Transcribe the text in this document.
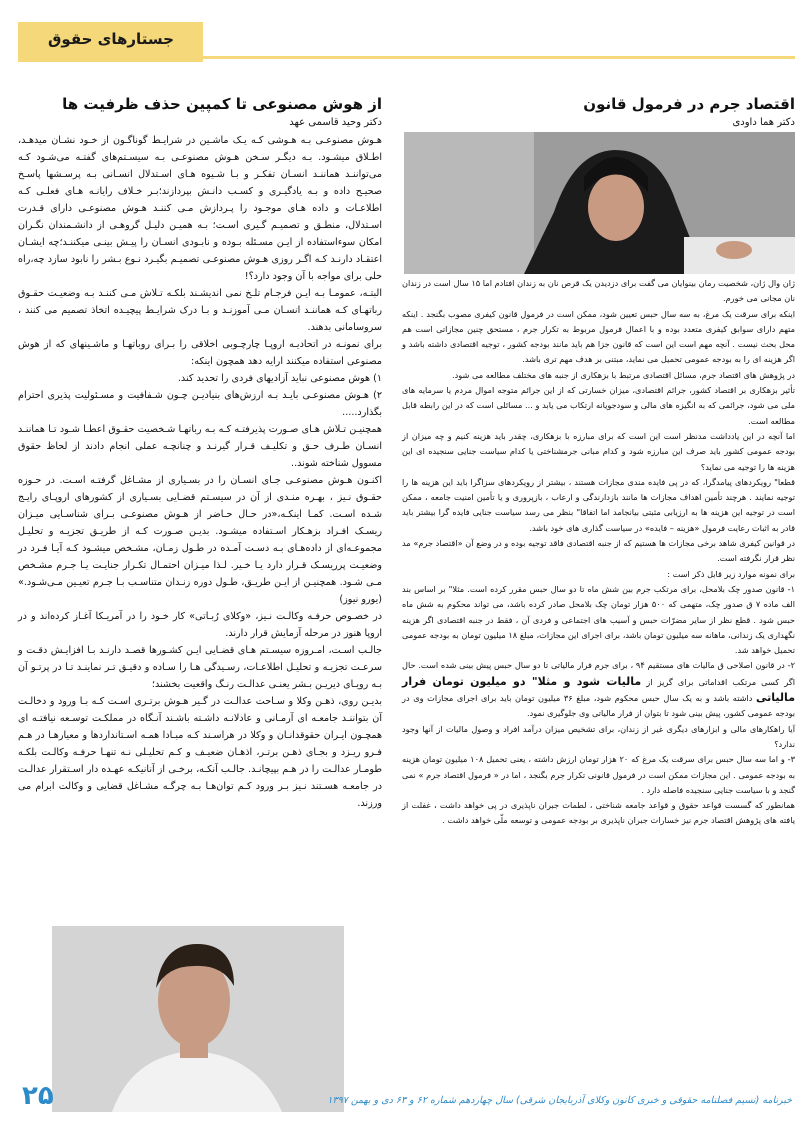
جستارهای حقوق
اقتصاد جرم در فرمول قانون
دکتر هما داودی

ژان وال ژان، شخصیت رمان بینوایان می گفت برای دزدیدن یک قرص نان به زندان افتادم اما ۱۵ سال است در زندان نان مجانی می خورم.

اینکه برای سرقت یک مرغ، به سه سال حبس تعیین شود، ممکن است در فرمول قانون کیفری مصوب بگنجد . اینکه متهم دارای سوابق کیفری متعدد بوده و با اعمال فرمول مربوط به تکرار جرم ، مستحق چنین مجازاتی است هم محل بحث نیست . آنچه مهم است این است که قانون جزا هم باید مانند بودجه کشور ، توجیه اقتصادی داشته باشد و اگر هزینه ای را به بودجه عمومی تحمیل می نماید، مبتنی بر هدف مهم تری باشد.

در پژوهش های اقتصاد جرم، مسائل اقتصادی مرتبط با بزهکاری از جنبه های مختلف مطالعه می شود.

تأثیر بزهکاری بر اقتصاد کشور، جرائم اقتصادی، میزان خسارتی که از این جرائم متوجه اموال مردم یا سرمایه های ملی می شود، جرائمی که به انگیزه های مالی و سودجویانه ارتکاب می یابد و ... مسائلی است که در این رابطه قابل مطالعه است.

اما آنچه در این یادداشت مدنظر است این است که برای مبارزه با بزهکاری، چقدر باید هزینه کنیم و چه میزان از بودجه عمومی کشور باید صرف این مبارزه شود و کدام مبانی جرمشناختی یا کدام سیاست جنایی سنجیده ای این هزینه ها را توجیه می نماید؟

قطعا" رویکردهای پیامدگرا، که در پی فایده مندی مجازات هستند ، بیشتر از رویکردهای سزاگرا باید این هزینه ها را توجیه نمایند . هرچند تأمین اهداف مجازات ها مانند بازدارندگی و ارعاب ، بازپروری و یا تأمین امنیت جامعه ، ممکن است در توجیه این هزینه ها به ارزیابی مثبتی بیانجامد اما اتفاقا" بنظر می رسد سیاست جنایی فایده گرا بیشتر باید قادر به اثبات رعایت فرمول «هزینه – فایده» در سیاست گذاری های خود باشد.

در قوانین کیفری شاهد برخی مجازات ها هستیم که از جنبه اقتصادی فاقد توجیه بوده و در وضع آن «اقتصاد جرم» مد نظر قرار نگرفته است.

برای نمونه موارد زیر قابل ذکر است :

۱- قانون صدور چک بلامحل، برای مرتکب جرم بین شش ماه تا دو سال حبس مقرر کرده است. مثلا" بر اساس بند الف ماده ۷ ق صدور چک، متهمی که ۵۰۰ هزار تومان چک بلامحل صادر کرده باشد، می تواند محکوم به شش ماه حبس شود . قطع نظر از سایر مضرّات حبس و آسیب های اجتماعی و فردی آن ، فقط در جنبه اقتصادی اگر هزینه نگهداری یک زندانی، ماهانه سه میلیون تومان باشد، برای اجرای این مجازات، مبلغ ۱۸ میلیون تومان به بودجه عمومی تحمیل خواهد شد.

۲- در قانون اصلاحی ق مالیات های مستقیم ۹۴ ، برای جرم فرار مالیاتی تا دو سال حبس پیش بینی شده است. حال اگر کسی مرتکب اقداماتی برای گریز از مالیات شود و مثلا" دو میلیون تومان فرار مالیاتی داشته باشد و به یک سال حبس محکوم شود، مبلغ ۳۶ میلیون تومان باید برای اجرای مجازات وی در بودجه عمومی کشور، پیش بینی شود تا بتوان از فرار مالیاتی وی جلوگیری نمود.

آیا راهکارهای مالی و ابزارهای دیگری غیر از زندان، برای تشخیص میزان درآمد افراد و وصول مالیات از آنها وجود ندارد؟

۳- و اما سه سال حبس برای سرقت یک مرغ که ۲۰ هزار تومان ارزش داشته ، یعنی تحمیل ۱۰۸ میلیون تومان هزینه به بودجه عمومی . این مجازات ممکن است در فرمول قانونی تکرار جرم بگنجد ، اما در « فرمول اقتصاد جرم » نمی گنجد و با سیاست جنایی سنجیده فاصله دارد .

همانطور که گسست قواعد حقوق و قواعد جامعه شناختی ، لطمات جبران ناپذیری در پی خواهد داشت ، غفلت از یافته های پژوهش اقتصاد جرم نیز خسارات جبران ناپذیری بر بودجه عمومی و توسعه ملّی خواهد داشت .

از هوش مصنوعی تا کمپین حذف ظرفیت ها
دکتر وحید قاسمی عهد

هـوش مصنوعـی بـه هـوشی کـه یـک ماشـین در شرایـط گوناگـون از خـود نشـان میدهـد، اطـلاق میشـود. بـه دیگـر سـخن هـوش مصنوعـی بـه سیسـتم‌های گفتـه می‌شـود کـه می‌تواننـد هماننـد انسـان تفکـر و بـا شـیوه هـای اسـتدلال انسـانی بـه پرسـشها پاسـخ صحیـح داده و بـه یادگیـری و کسـب دانـش بپردازند؛بـر خـلاف رایانـه هـای فعلـی کـه اطلاعـات و داده هـای موجـود را پـردازش مـی کننـد هـوش مصنوعـی دارای قـدرت اسـتدلال، منطـق و تصمیـم گـیری اسـت؛ بـه همیـن دلیـل گروهـی از دانشـمندان نگـران امکان سوءاستفاده از ایـن مسـئله بـوده و نابـودی انسـان را پیـش بینـی میکننـد؛چه ایشـان اعتقـاد دارنـد کـه اگـر روزی هـوش مصنوعـی تصمیـم بگیـرد نـوع بـشر را نابود سازد چه،راه حلی برای مواجه با آن وجود دارد؟!

البتـه، عمومـا بـه ایـن فرجـام تلـخ نمی اندیشـند بلکـه تـلاش مـی کننـد بـه وضعیـت حقـوق رباتهـای کـه هماننـد انسـان مـی آموزنـد و بـا درک شرایـط پیچیـده اتخاذ تصمیم می کنند ، سروسامانی بدهند.

برای نمونـه در اتحادیـه اروپـا چارچـوبی اخلاقی را بـرای روباتهـا و ماشـینهای که از هوش مصنوعی استفاده میکنند ارایه دهد همچون اینکه:

۱) هوش مصنوعی نباید آزادیهای فردی را تحدید کند.

۲) هـوش مصنوعـی بایـد بـه ارزش‌های بنیادیـن چـون شـفافیت و مسـئولیت پذیری احترام بگذارد.....

همچنیـن تـلاش هـای صـورت پذیرفتـه کـه بـه رباتهـا شـخصیت حقـوق اعطـا شـود تـا هماننـد انسـان طـرف حـق و تکلیـف قـرار گیرنـد و چنانچـه عملی انجام دادند از لحاظ حقوق مسوول شناخته شوند..

اکنـون هـوش مصنوعـی جـای انسـان را در بسـیاری از مشـاغل گرفتـه اسـت. در حـوزه حقـوق نـیز ، بهـره منـدی از آن در سیسـتم قضـایی بسـیاری از کشورهای اروپـای رایـج شـده اسـت. کمـا اینکـه،«در حـال حـاضر از هـوش مصنوعـی بـرای شناسـایی میـزان ریسـک افـراد بزهـکار اسـتفاده میشـود. بدیـن صـورت کـه از طریـق تجزیـه و تحلیـل مجموعـه‌ای از داده‌هـای بـه دسـت آمـده در طـول زمـان، مشـخص میشـود کـه آیـا فـرد در وضعیـت پرریسـک قـرار دارد یـا خـیر. لـذا میـزان احتمـال تکـرار جنایـت یـا جـرم مشـخص مـی شـود. همچنیـن از ایـن طریـق، طـول دوره زنـدان متناسـب بـا جـرم تعیـین مـی‌شـود.» (یورو نیوز)

در خصـوص حرفـه وکالـت نـیز، «وکلای رُبـاتی» کار خـود را در آمریـکا آغـاز کرده‌اند و در اروپا هنوز در مرحله آزمایش قرار دارند.

جالـب اسـت، امـروزه سیسـتم هـای قضـایی ایـن کشـورها قصـد دارنـد بـا افزایـش دقـت و سرعـت تجزیـه و تحلیـل اطلاعـات، رسـیدگی هـا را سـاده و دقیـق تـر نماینـد تـا در پرتـو آن بـه رویـای دیریـن بـشر یعنـی عدالـت رنـگ واقعیت بخشند؛

بدیـن روی، ذهـن وکلا و سـاحت عدالـت در گـیر هـوش برتـری اسـت کـه بـا ورود و دخالـت آن بتواننـد جامعـه ای آرمـانی و عادلانـه داشـته باشـند آنـگاه در مملکـت توسـعه نیافتـه ای همچـون ایـران حقوقدانـان و وکلا در هراسـند کـه مبـادا همـه اسـتانداردها و معیارهـا در هـم فـرو ریـزد و بجـای ذهـن برتـر، اذهـان ضعیـف و کـم تحلیـلی نـه تنهـا حرفـه وکالـت بلکـه طومـار عدالـت را در هـم بپیچانـد. جالـب آنکـه، برخـی از آنانیکـه عهـده دار اسـتقرار عدالـت در جامعـه هسـتند نـیز بـر ورود کـم توان‌هـا بـه چرگـه مشـاغل قضایی و وکالت ابرام می ورزند.

۲۵	خبرنامه (نسیم فصلنامه حقوقی و خبری کانون وکلای آذربایجان شرقی) سال چهاردهم شماره ۶۲ و ۶۳ دی و بهمن ۱۳۹۷
